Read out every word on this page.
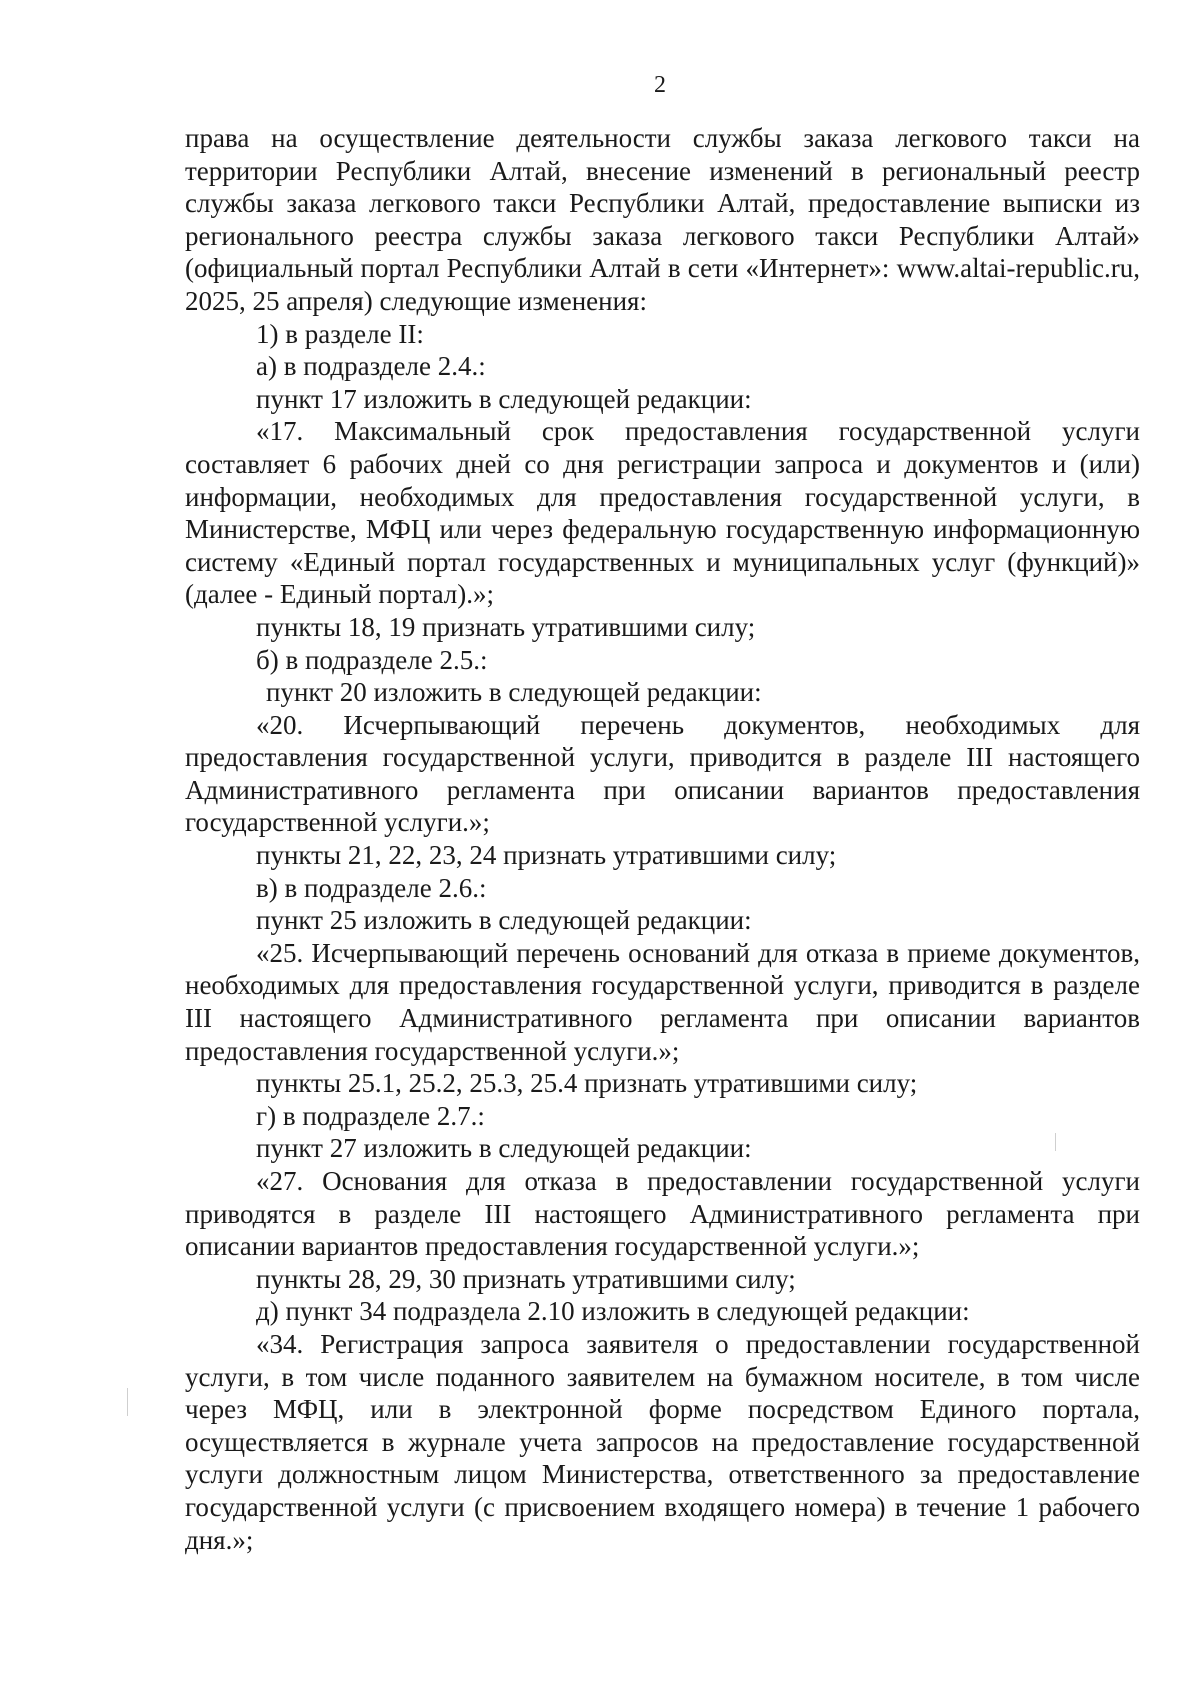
2

права на осуществление деятельности службы заказа легкового такси на территории Республики Алтай, внесение изменений в региональный реестр службы заказа легкового такси Республики Алтай, предоставление выписки из регионального реестра службы заказа легкового такси Республики Алтай» (официальный портал Республики Алтай в сети «Интернет»: www.altai-republic.ru, 2025, 25 апреля) следующие изменения:

1) в разделе II:

а) в подразделе 2.4.:

пункт 17 изложить в следующей редакции:

«17. Максимальный срок предоставления государственной услуги составляет 6 рабочих дней со дня регистрации запроса и документов и (или) информации, необходимых для предоставления государственной услуги, в Министерстве, МФЦ или через федеральную государственную информационную систему «Единый портал государственных и муниципальных услуг (функций)» (далее - Единый портал).»;

пункты 18, 19 признать утратившими силу;

б) в подразделе 2.5.:

пункт 20 изложить в следующей редакции:

«20. Исчерпывающий перечень документов, необходимых для предоставления государственной услуги, приводится в разделе III настоящего Административного регламента при описании вариантов предоставления государственной услуги.»;

пункты 21, 22, 23, 24 признать утратившими силу;

в) в подразделе 2.6.:

пункт 25 изложить в следующей редакции:

«25. Исчерпывающий перечень оснований для отказа в приеме документов, необходимых для предоставления государственной услуги, приводится в разделе III настоящего Административного регламента при описании вариантов предоставления государственной услуги.»;

пункты 25.1, 25.2, 25.3, 25.4 признать утратившими силу;

г) в подразделе 2.7.:

пункт 27 изложить в следующей редакции:

«27. Основания для отказа в предоставлении государственной услуги приводятся в разделе III настоящего Административного регламента при описании вариантов предоставления государственной услуги.»;

пункты 28, 29, 30 признать утратившими силу;

д) пункт 34 подраздела 2.10 изложить в следующей редакции:

«34. Регистрация запроса заявителя о предоставлении государственной услуги, в том числе поданного заявителем на бумажном носителе, в том числе через МФЦ, или в электронной форме посредством Единого портала, осуществляется в журнале учета запросов на предоставление государственной услуги должностным лицом Министерства, ответственного за предоставление государственной услуги (с присвоением входящего номера) в течение 1 рабочего дня.»;
